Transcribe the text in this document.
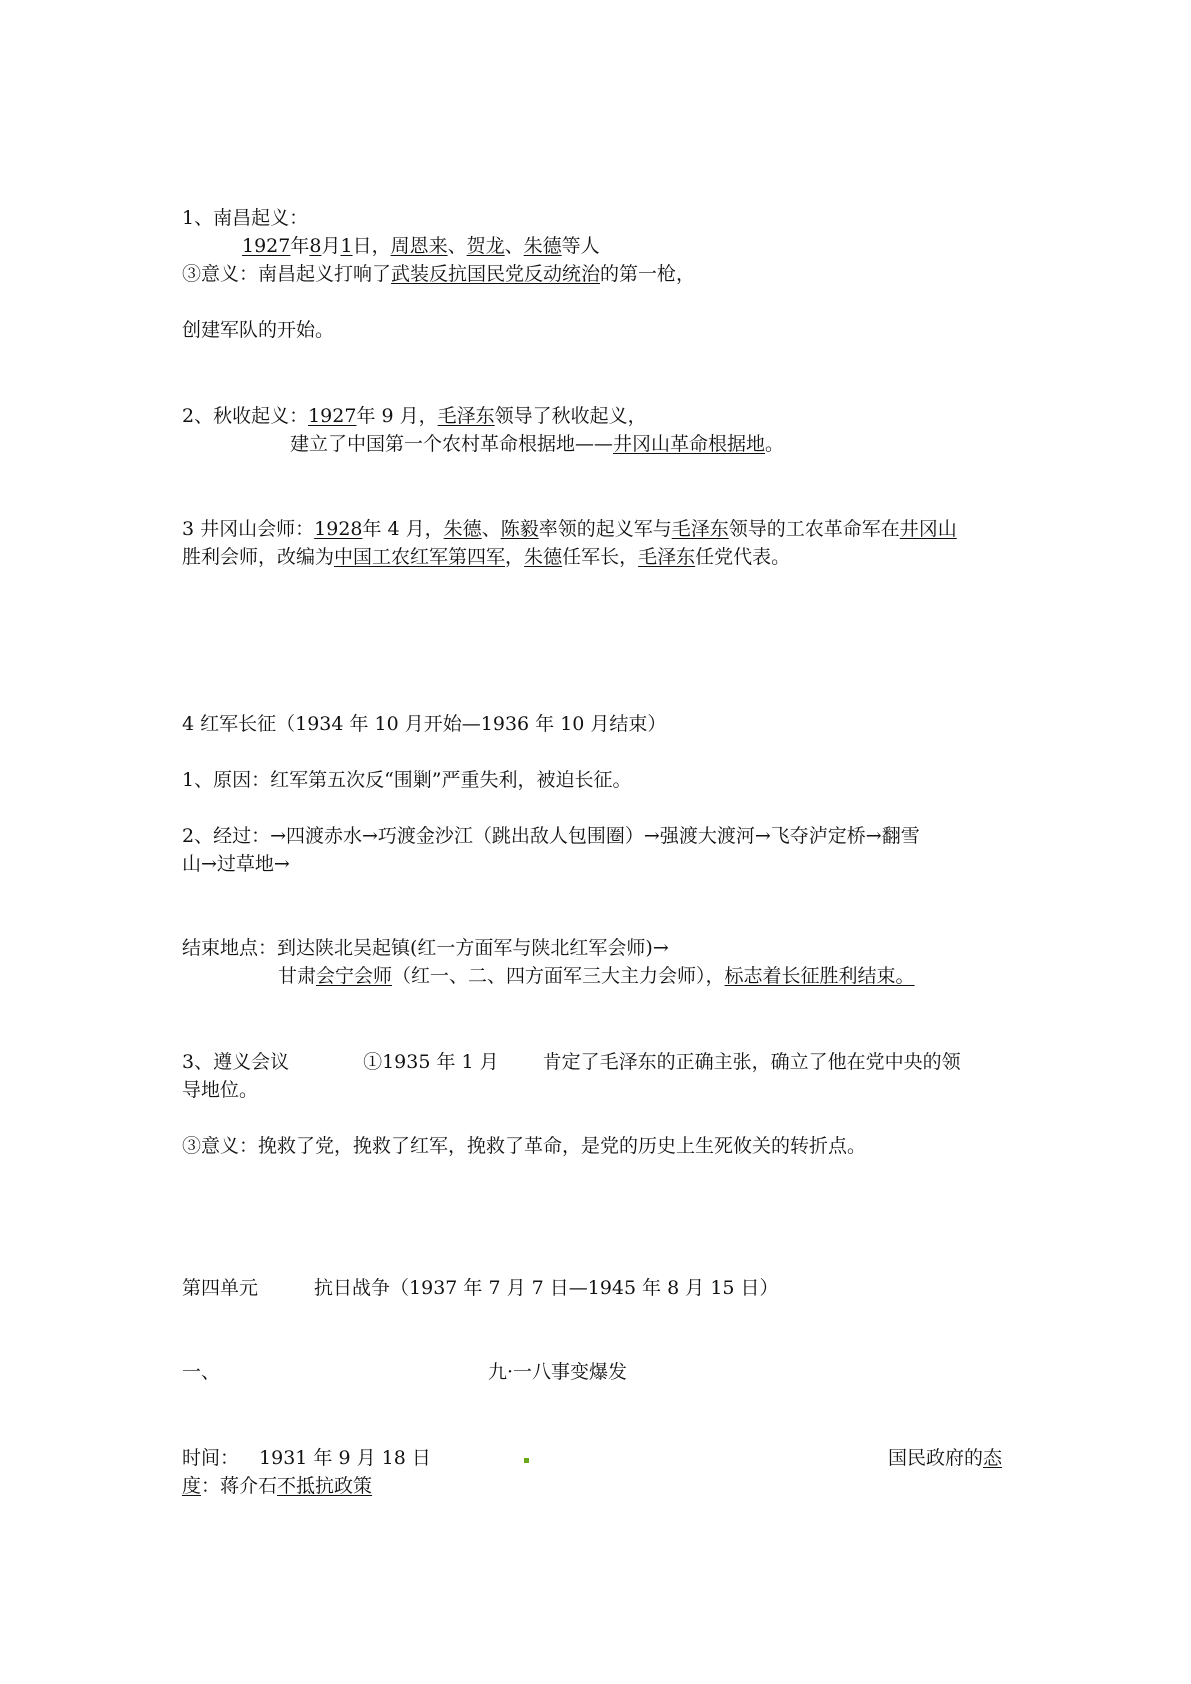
1、南昌起义：
1927年8月1日，周恩来、贺龙、朱德等人
③意义：南昌起义打响了武装反抗国民党反动统治的第一枪，
创建军队的开始。
2、秋收起义：1927年 9 月，毛泽东领导了秋收起义，
建立了中国第一个农村革命根据地——井冈山革命根据地。
3 井冈山会师：1928年 4 月，朱德、陈毅率领的起义军与毛泽东领导的工农革命军在井冈山
胜利会师，改编为中国工农红军第四军，朱德任军长，毛泽东任党代表。
4 红军长征（1934 年 10 月开始—1936 年 10 月结束）
1、原因：红军第五次反“围剿”严重失利，被迫长征。
2、经过：→四渡赤水→巧渡金沙江（跳出敌人包围圈）→强渡大渡河→飞夺泸定桥→翻雪
山→过草地→
结束地点：到达陕北吴起镇(红一方面军与陕北红军会师)→
甘肃会宁会师（红一、二、四方面军三大主力会师），标志着长征胜利结束。
3、遵义会议	①1935 年 1 月 肯定了毛泽东的正确主张，确立了他在党中央的领
导地位。
③意义：挽救了党，挽救了红军，挽救了革命，是党的历史上生死攸关的转折点。
第四单元	抗日战争（1937 年 7 月 7 日—1945 年 8 月 15 日）
一、	九·一八事变爆发
时间： 1931 年 9 月 18 日	国民政府的态
度：蒋介石不抵抗政策
